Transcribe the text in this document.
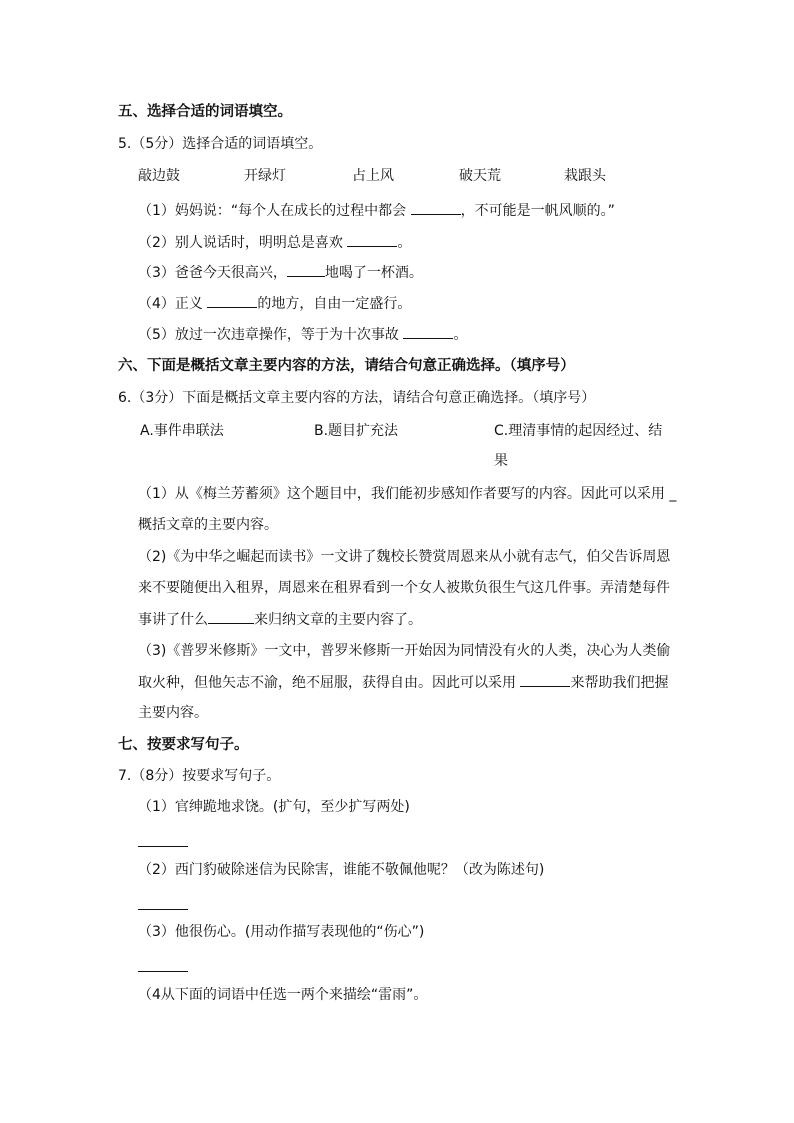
五、选择合适的词语填空。
5.（5分）选择合适的词语填空。
敲边鼓	开绿灯	占上风	破天荒	栽跟头
（1）妈妈说：“每个人在成长的过程中都会	，不可能是一帆风顺的。”
（2）别人说话时，明明总是喜欢	。
（3）爸爸今天很高兴，	地喝了一杯酒。
（4）正义	的地方，自由一定盛行。
（5）放过一次违章操作，等于为十次事故	。
六、下面是概括文章主要内容的方法，请结合句意正确选择。（填序号）
6.（3分）下面是概括文章主要内容的方法，请结合句意正确选择。（填序号）
A.事件串联法	B.题目扩充法	C.理清事情的起因经过、结
果
（1）从《梅兰芳蓄须》这个题目中，我们能初步感知作者要写的内容。因此可以采用 _
概括文章的主要内容。
（2)《为中华之崛起而读书》一文讲了魏校长赞赏周恩来从小就有志气，伯父告诉周恩
来不要随便出入租界，周恩来在租界看到一个女人被欺负很生气这几件事。弄清楚每件
事讲了什么	来归纳文章的主要内容了。
（3)《普罗米修斯》一文中，普罗米修斯一开始因为同情没有火的人类，决心为人类偷
取火种，但他矢志不渝，绝不屈服，获得自由。因此可以采用	来帮助我们把握
主要内容。
七、按要求写句子。
7.（8分）按要求写句子。
（1）官绅跪地求饶。(扩句，至少扩写两处)
（2）西门豹破除迷信为民除害，谁能不敬佩他呢？（改为陈述句)
（3）他很伤心。(用动作描写表现他的“伤心”)
（4从下面的词语中任选一两个来描绘“雷雨”。
